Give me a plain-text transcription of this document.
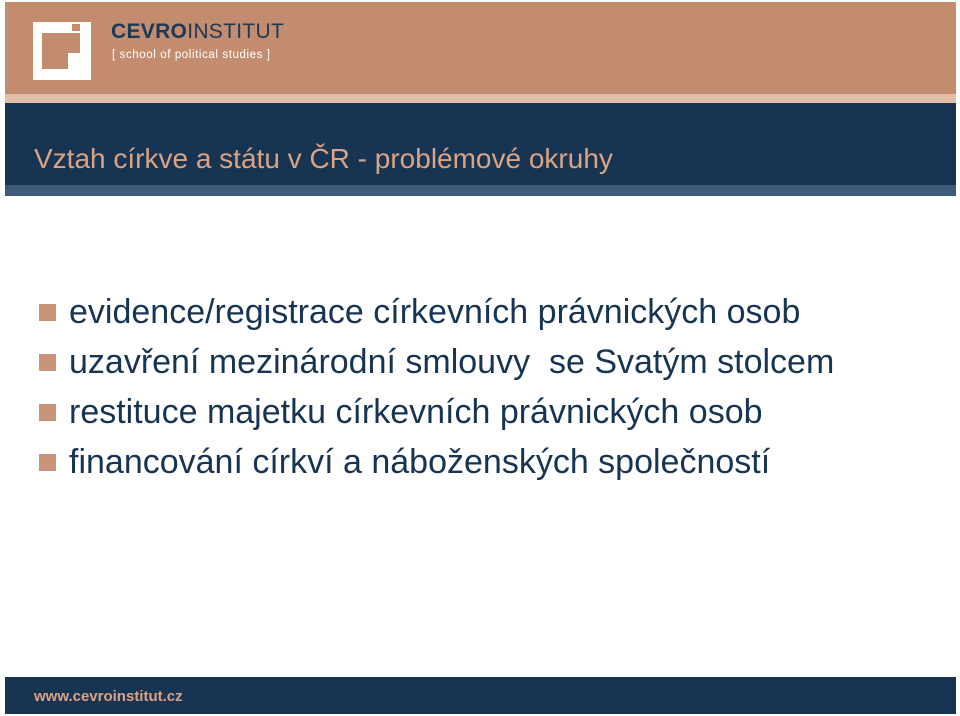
CEVROINSTITUT
[ school of political studies ]
Vztah církve a státu v ČR - problémové okruhy
evidence/registrace církevních právnických osob
uzavření mezinárodní smlouvy  se Svatým stolcem
restituce majetku církevních právnických osob
financování církví a náboženských společností
www.cevroinstitut.cz
